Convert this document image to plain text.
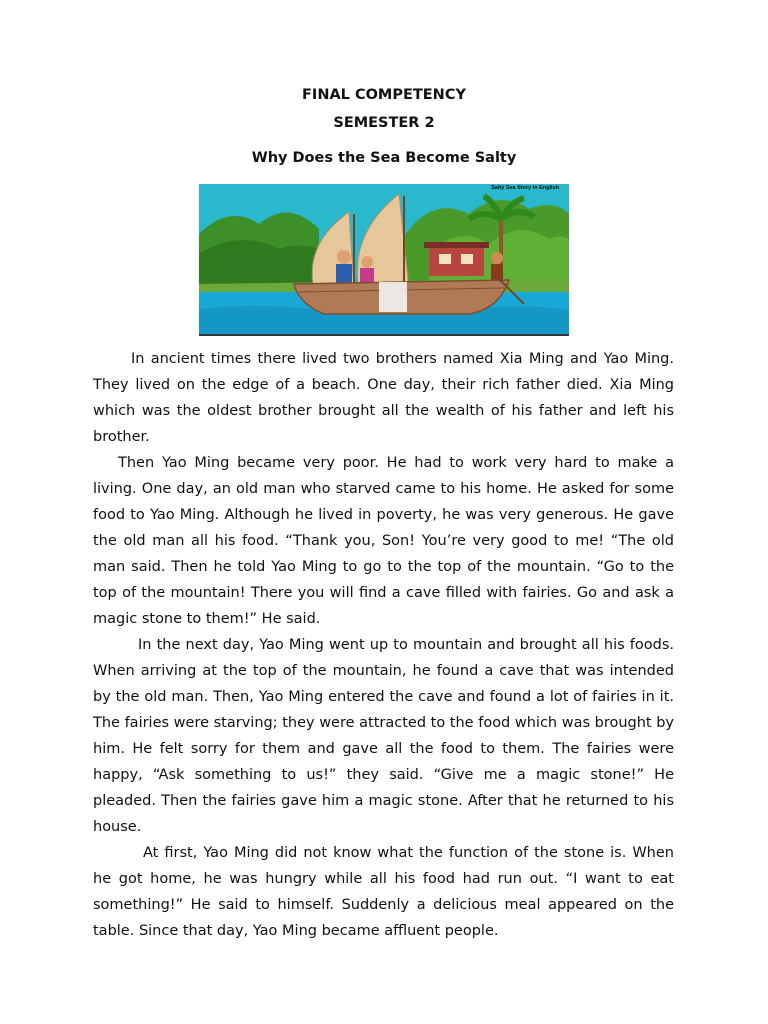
FINAL COMPETENCY
SEMESTER 2
Why Does the Sea Become Salty
Salty Sea Story in English

In ancient times there lived two brothers named Xia Ming and Yao Ming. They lived on the edge of a beach. One day, their rich father died. Xia Ming which was the oldest brother brought all the wealth of his father and left his brother.

Then Yao Ming became very poor. He had to work very hard to make a living. One day, an old man who starved came to his home. He asked for some food to Yao Ming. Although he lived in poverty, he was very generous. He gave the old man all his food. “Thank you, Son! You’re very good to me! “The old man said. Then he told Yao Ming to go to the top of the mountain. “Go to the top of the mountain! There you will find a cave filled with fairies. Go and ask a magic stone to them!” He said.

In the next day, Yao Ming went up to mountain and brought all his foods. When arriving at the top of the mountain, he found a cave that was intended by the old man. Then, Yao Ming entered the cave and found a lot of fairies in it. The fairies were starving; they were attracted to the food which was brought by him. He felt sorry for them and gave all the food to them. The fairies were happy, “Ask something to us!” they said. “Give me a magic stone!” He pleaded. Then the fairies gave him a magic stone. After that he returned to his house.

At first, Yao Ming did not know what the function of the stone is. When he got home, he was hungry while all his food had run out. “I want to eat something!” He said to himself. Suddenly a delicious meal appeared on the table. Since that day, Yao Ming became affluent people.
